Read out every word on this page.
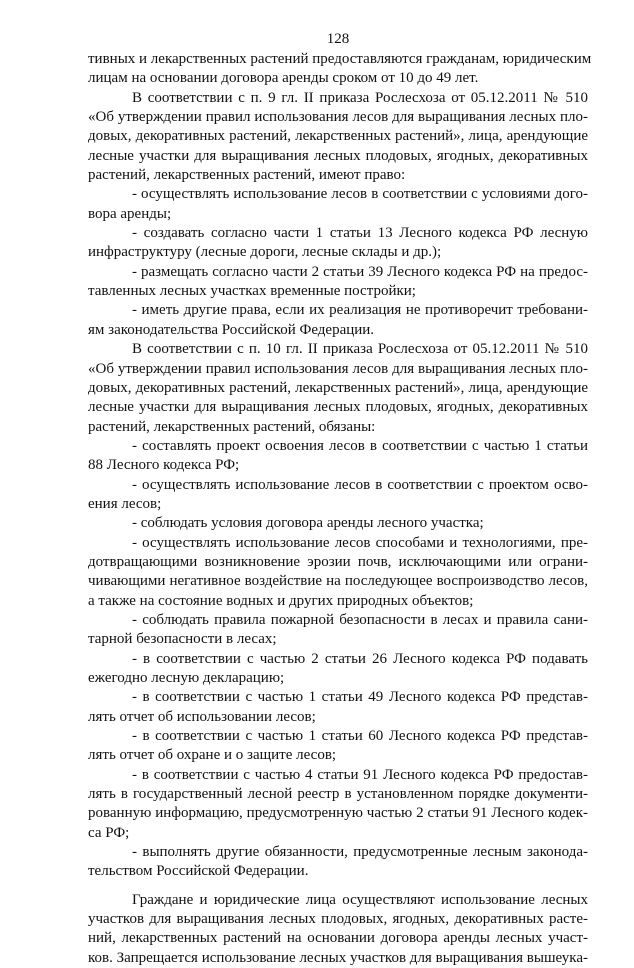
128
тивных и лекарственных растений предоставляются гражданам, юридическим
лицам на основании договора аренды сроком от 10 до 49 лет.
В соответствии с п. 9 гл. II приказа Рослесхоза от 05.12.2011 № 510
«Об утверждении правил использования лесов для выращивания лесных пло-
довых, декоративных растений, лекарственных растений», лица, арендующие
лесные участки для выращивания лесных плодовых, ягодных, декоративных
растений, лекарственных растений, имеют право:
- осуществлять использование лесов в соответствии с условиями дого-
вора аренды;
- создавать согласно части 1 статьи 13 Лесного кодекса РФ лесную
инфраструктуру (лесные дороги, лесные склады и др.);
- размещать согласно части 2 статьи 39 Лесного кодекса РФ на предос-
тавленных лесных участках временные постройки;
- иметь другие права, если их реализация не противоречит требовани-
ям законодательства Российской Федерации.
В соответствии с п. 10 гл. II приказа Рослесхоза от 05.12.2011 № 510
«Об утверждении правил использования лесов для выращивания лесных пло-
довых, декоративных растений, лекарственных растений», лица, арендующие
лесные участки для выращивания лесных плодовых, ягодных, декоративных
растений, лекарственных растений, обязаны:
- составлять проект освоения лесов в соответствии с частью 1 статьи
88 Лесного кодекса РФ;
- осуществлять использование лесов в соответствии с проектом осво-
ения лесов;
- соблюдать условия договора аренды лесного участка;
- осуществлять использование лесов способами и технологиями, пре-
дотвращающими возникновение эрозии почв, исключающими или ограни-
чивающими негативное воздействие на последующее воспроизводство лесов,
а также на состояние водных и других природных объектов;
- соблюдать правила пожарной безопасности в лесах и правила сани-
тарной безопасности в лесах;
- в соответствии с частью 2 статьи 26 Лесного кодекса РФ подавать
ежегодно лесную декларацию;
- в соответствии с частью 1 статьи 49 Лесного кодекса РФ представ-
лять отчет об использовании лесов;
- в соответствии с частью 1 статьи 60 Лесного кодекса РФ представ-
лять отчет об охране и о защите лесов;
- в соответствии с частью 4 статьи 91 Лесного кодекса РФ предостав-
лять в государственный лесной реестр в установленном порядке документи-
рованную информацию, предусмотренную частью 2 статьи 91 Лесного кодек-
са РФ;
- выполнять другие обязанности, предусмотренные лесным законода-
тельством Российской Федерации.
Граждане и юридические лица осуществляют использование лесных
участков для выращивания лесных плодовых, ягодных, декоративных расте-
ний, лекарственных растений на основании договора аренды лесных участ-
ков. Запрещается использование лесных участков для выращивания вышеука-
